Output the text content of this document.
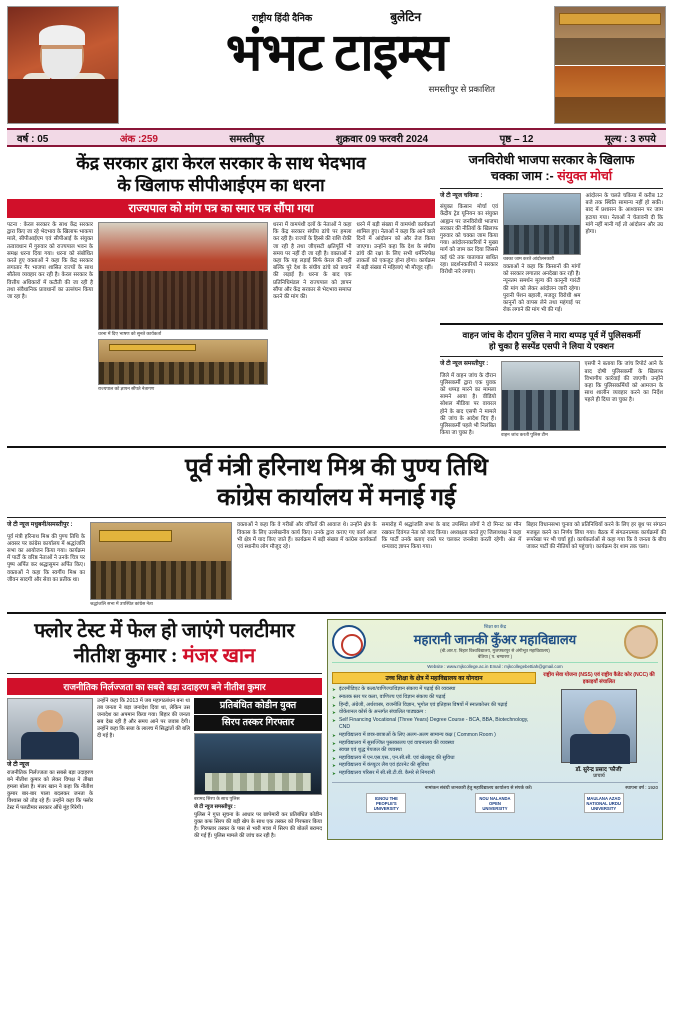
राष्ट्रीय हिंदी दैनिक	बुलेटिन
भंभट टाइम्स
समस्तीपुर से प्रकाशित
वर्ष : 05	अंक :259	समस्तीपुर	शुक्रवार 09 फरवरी 2024	पृष्ठ – 12	मूल्य : 3 रुपये
केंद्र सरकार द्वारा केरल सरकार के साथ भेदभाव
के खिलाफ सीपीआईएम का धरना
राज्यपाल को मांग पत्र का स्मार पत्र सौंपा गया

पटना : केरल सरकार के साथ केंद्र सरकार द्वारा किए जा रहे भेदभाव के खिलाफ भाकपा माले, सीपीआईएम एवं सीपीआई के संयुक्त तत्वावधान में गुरुवार को राज्यपाल भवन के समक्ष धरना दिया गया। धरना को संबोधित करते हुए वक्ताओं ने कहा कि केंद्र सरकार लगातार गैर भाजपा शासित राज्यों के साथ सौतेला व्यवहार कर रही है। केरल सरकार के वित्तीय अधिकारों में कटौती की जा रही है तथा संवैधानिक प्रावधानों का उल्लंघन किया जा रहा है।

धरना में दिए भाषण को सुनते कार्यकर्ता
राज्यपाल को ज्ञापन सौंपते नेतागण

धरना में वामपंथी दलों के नेताओं ने कहा कि केंद्र सरकार संघीय ढांचे पर हमला कर रही है। राज्यों के हिस्से की राशि रोकी जा रही है तथा जीएसटी क्षतिपूर्ति भी समय पर नहीं दी जा रही है। वक्ताओं ने कहा कि यह लड़ाई सिर्फ केरल की नहीं बल्कि पूरे देश के संघीय ढांचे को बचाने की लड़ाई है। धरना के बाद एक प्रतिनिधिमंडल ने राज्यपाल को ज्ञापन सौंपा और केंद्र सरकार से भेदभाव समाप्त करने की मांग की।

धरने में बड़ी संख्या में वामपंथी कार्यकर्ता शामिल हुए। नेताओं ने कहा कि आने वाले दिनों में आंदोलन को और तेज किया जाएगा। उन्होंने कहा कि देश के संघीय ढांचे की रक्षा के लिए सभी धर्मनिरपेक्ष ताकतों को एकजुट होना होगा। कार्यक्रम में बड़ी संख्या में महिलाएं भी मौजूद रहीं।

जनविरोधी भाजपा सरकार के खिलाफ
चक्का जाम :- संयुक्त मोर्चा

जे टी न्यूज चकिया :

संयुक्त किसान मोर्चा एवं केंद्रीय ट्रेड यूनियन का संयुक्त आह्वान पर जनविरोधी भाजपा सरकार की नीतियों के खिलाफ गुरुवार को चक्का जाम किया गया। आंदोलनकारियों ने मुख्य मार्ग को जाम कर दिया जिससे कई घंटे तक यातायात बाधित रहा। प्रदर्शनकारियों ने सरकार विरोधी नारे लगाए।

चक्का जाम करते आंदोलनकारी

वक्ताओं ने कहा कि किसानों की मांगों को सरकार लगातार अनदेखा कर रही है। न्यूनतम समर्थन मूल्य की कानूनी गारंटी की मांग को लेकर आंदोलन जारी रहेगा। पुरानी पेंशन बहाली, मजदूर विरोधी श्रम कानूनों को वापस लेने तथा महंगाई पर रोक लगाने की मांग भी की गई।

आंदोलन के चलते चकिया में करीब 12 बजे तक स्थिति सामान्य नहीं हो सकी। बाद में प्रशासन के आश्वासन पर जाम हटाया गया। नेताओं ने चेतावनी दी कि मांगे नहीं मानी गईं तो आंदोलन और उग्र होगा।

वाहन जांच के दौरान पुलिस ने मारा थप्पड़ पूर्व में पुलिसकर्मी
हो चुका है सस्पेंड एसपी ने लिया ये एक्शन

जे टी न्यूज समस्तीपुर :

जिले में वाहन जांच के दौरान पुलिसकर्मी द्वारा एक युवक को थप्पड़ मारने का मामला सामने आया है। वीडियो सोशल मीडिया पर वायरल होने के बाद एसपी ने मामले की जांच के आदेश दिए हैं। पुलिसकर्मी पहले भी निलंबित किया जा चुका है।	वाहन जांच करती पुलिस टीम

एसपी ने बताया कि जांच रिपोर्ट आने के बाद दोषी पुलिसकर्मी के खिलाफ विभागीय कार्रवाई की जाएगी। उन्होंने कहा कि पुलिसकर्मियों को आमजन के साथ शालीन व्यवहार करने का निर्देश पहले ही दिया जा चुका है।

पूर्व मंत्री हरिनाथ मिश्र की पुण्य तिथि
कांग्रेस कार्यालय में मनाई गई

जे टी न्यूज मधुबनी/समस्तीपुर :

पूर्व मंत्री हरिनाथ मिश्र की पुण्य तिथि के अवसर पर कांग्रेस कार्यालय में श्रद्धांजलि सभा का आयोजन किया गया। कार्यक्रम में पार्टी के वरिष्ठ नेताओं ने उनके चित्र पर पुष्प अर्पित कर श्रद्धासुमन अर्पित किए। वक्ताओं ने कहा कि स्वर्गीय मिश्र का जीवन सादगी और सेवा का प्रतीक था।

श्रद्धांजलि सभा में उपस्थित कांग्रेस नेता

वक्ताओं ने कहा कि वे गरीबों और वंचितों की आवाज थे। उन्होंने क्षेत्र के विकास के लिए उल्लेखनीय कार्य किए। उनके द्वारा कराए गए कार्य आज भी क्षेत्र में याद किए जाते हैं। कार्यक्रम में बड़ी संख्या में कांग्रेस कार्यकर्ता एवं स्थानीय लोग मौजूद रहे।

समारोह में श्रद्धांजलि सभा के बाद उपस्थित लोगों ने दो मिनट का मौन रखकर दिवंगत नेता को याद किया। अध्यक्षता करते हुए जिलाध्यक्ष ने कहा कि पार्टी उनके बताए रास्ते पर चलकर जनसेवा करती रहेगी। अंत में धन्यवाद ज्ञापन किया गया।

बिहार विधानसभा चुनाव को प्रतिनिधियों करने के लिए हर बूथ पर संगठन मजबूत करने का निर्णय लिया गया। बैठक में संगठनात्मक कार्यक्रमों की रूपरेखा पर भी चर्चा हुई। कार्यकर्ताओं से कहा गया कि वे जनता के बीच जाकर पार्टी की नीतियों को पहुंचाएं। कार्यक्रम देर शाम तक चला।

फ्लोर टेस्ट में फेल हो जाएंगे पलटीमार
नीतीश कुमार : मंजर खान
राजनीतिक निर्लज्जता का सबसे बड़ा उदाहरण बने नीतीश कुमार

जे टी न्यूज

राजनीतिक निर्लज्जता का सबसे बड़ा उदाहरण बने नीतीश कुमार को लेकर विपक्ष ने तीखा हमला बोला है। मंजर खान ने कहा कि नीतीश कुमार बार-बार पाला बदलकर जनता के विश्वास को तोड़ रहे हैं। उन्होंने कहा कि फ्लोर टेस्ट में पलटीमार सरकार औंधे मुंह गिरेगी।

उन्होंने कहा कि 2013 में जब महागठबंधन बना था तब जनता ने बड़ा जनादेश दिया था, लेकिन उस जनादेश का अपमान किया गया। बिहार की जनता सब देख रही है और समय आने पर जवाब देगी। उन्होंने कहा कि सत्ता के लालच में सिद्धांतों की बलि दी गई है।

प्रतिबंधित कोडीन युक्त
सिरप तस्कर गिरफ्तार
बरामद सिरप के साथ पुलिस

जे टी न्यूज समस्तीपुर :

पुलिस ने गुप्त सूचना के आधार पर छापेमारी कर प्रतिबंधित कोडीन युक्त कफ सिरप की बड़ी खेप के साथ एक तस्कर को गिरफ्तार किया है। गिरफ्तार तस्कर के पास से भारी मात्रा में सिरप की बोतलें बरामद की गई हैं। पुलिस मामले की जांच कर रही है।

शिक्षा का केंद्र
महारानी जानकी कुँअर महाविद्यालय
(बी.आर.ए. बिहार विश्वविद्यालय, मुजफ्फरपुर से अंगीभूत महाविद्यालय)
बेतिया ( प. चम्पारण )
Website : www.mjkcollege.ac.in Email : mjkcollegebettiah@gmail.com
उच्च शिक्षा के क्षेत्र में महाविद्यालय का योगदान
➤ इंटरमीडिएट के कला/वाणिज्य/विज्ञान संकाय में पढ़ाई की व्यवस्था
➤ स्नातक स्तर पर कला, वाणिज्य एवं विज्ञान संकाय की पढ़ाई
➤ हिन्दी, अंग्रेजी, अर्थशास्त्र, राजनीति विज्ञान, भूगोल एवं इतिहास विषयों में स्नातकोत्तर की पढ़ाई
➤ वोकेशनल कोर्स के अन्तर्गत संचालित पाठ्यक्रम :
➤ Self Financing Vocational (Three Years) Degree Course - BCA, BBA, Biotechnology, CND
➤ महाविद्यालय में छात्र-छात्राओं के लिए अलग-अलग सामान्य कक्ष ( Common Room )
➤ महाविद्यालय में सुसज्जित पुस्तकालय एवं वाचनालय की व्यवस्था
➤ स्वच्छ एवं शुद्ध पेयजल की व्यवस्था
➤ महाविद्यालय में एन.एस.एस., एन.सी.सी. एवं खेलकूद की सुविधा
➤ महाविद्यालय में कंप्यूटर लैब एवं इंटरनेट की सुविधा
➤ महाविद्यालय परिसर में सी.सी.टी.वी. कैमरे से निगरानी
राष्ट्रीय सेवा योजना (NSS) एवं राष्ट्रीय कैडेट कोर (NCC) की इकाइयाँ संचालित
डॉ. सुरेन्द्र प्रसाद 'फौजी'
प्राचार्य
नामांकन संबंधी जानकारी हेतु महाविद्यालय कार्यालय से संपर्क करें।	स्थापना वर्ष : 1920
IGNOU THE PEOPLE'S UNIVERSITY
NOU NALANDA OPEN UNIVERSITY
MAULANA AZAD NATIONAL URDU UNIVERSITY
